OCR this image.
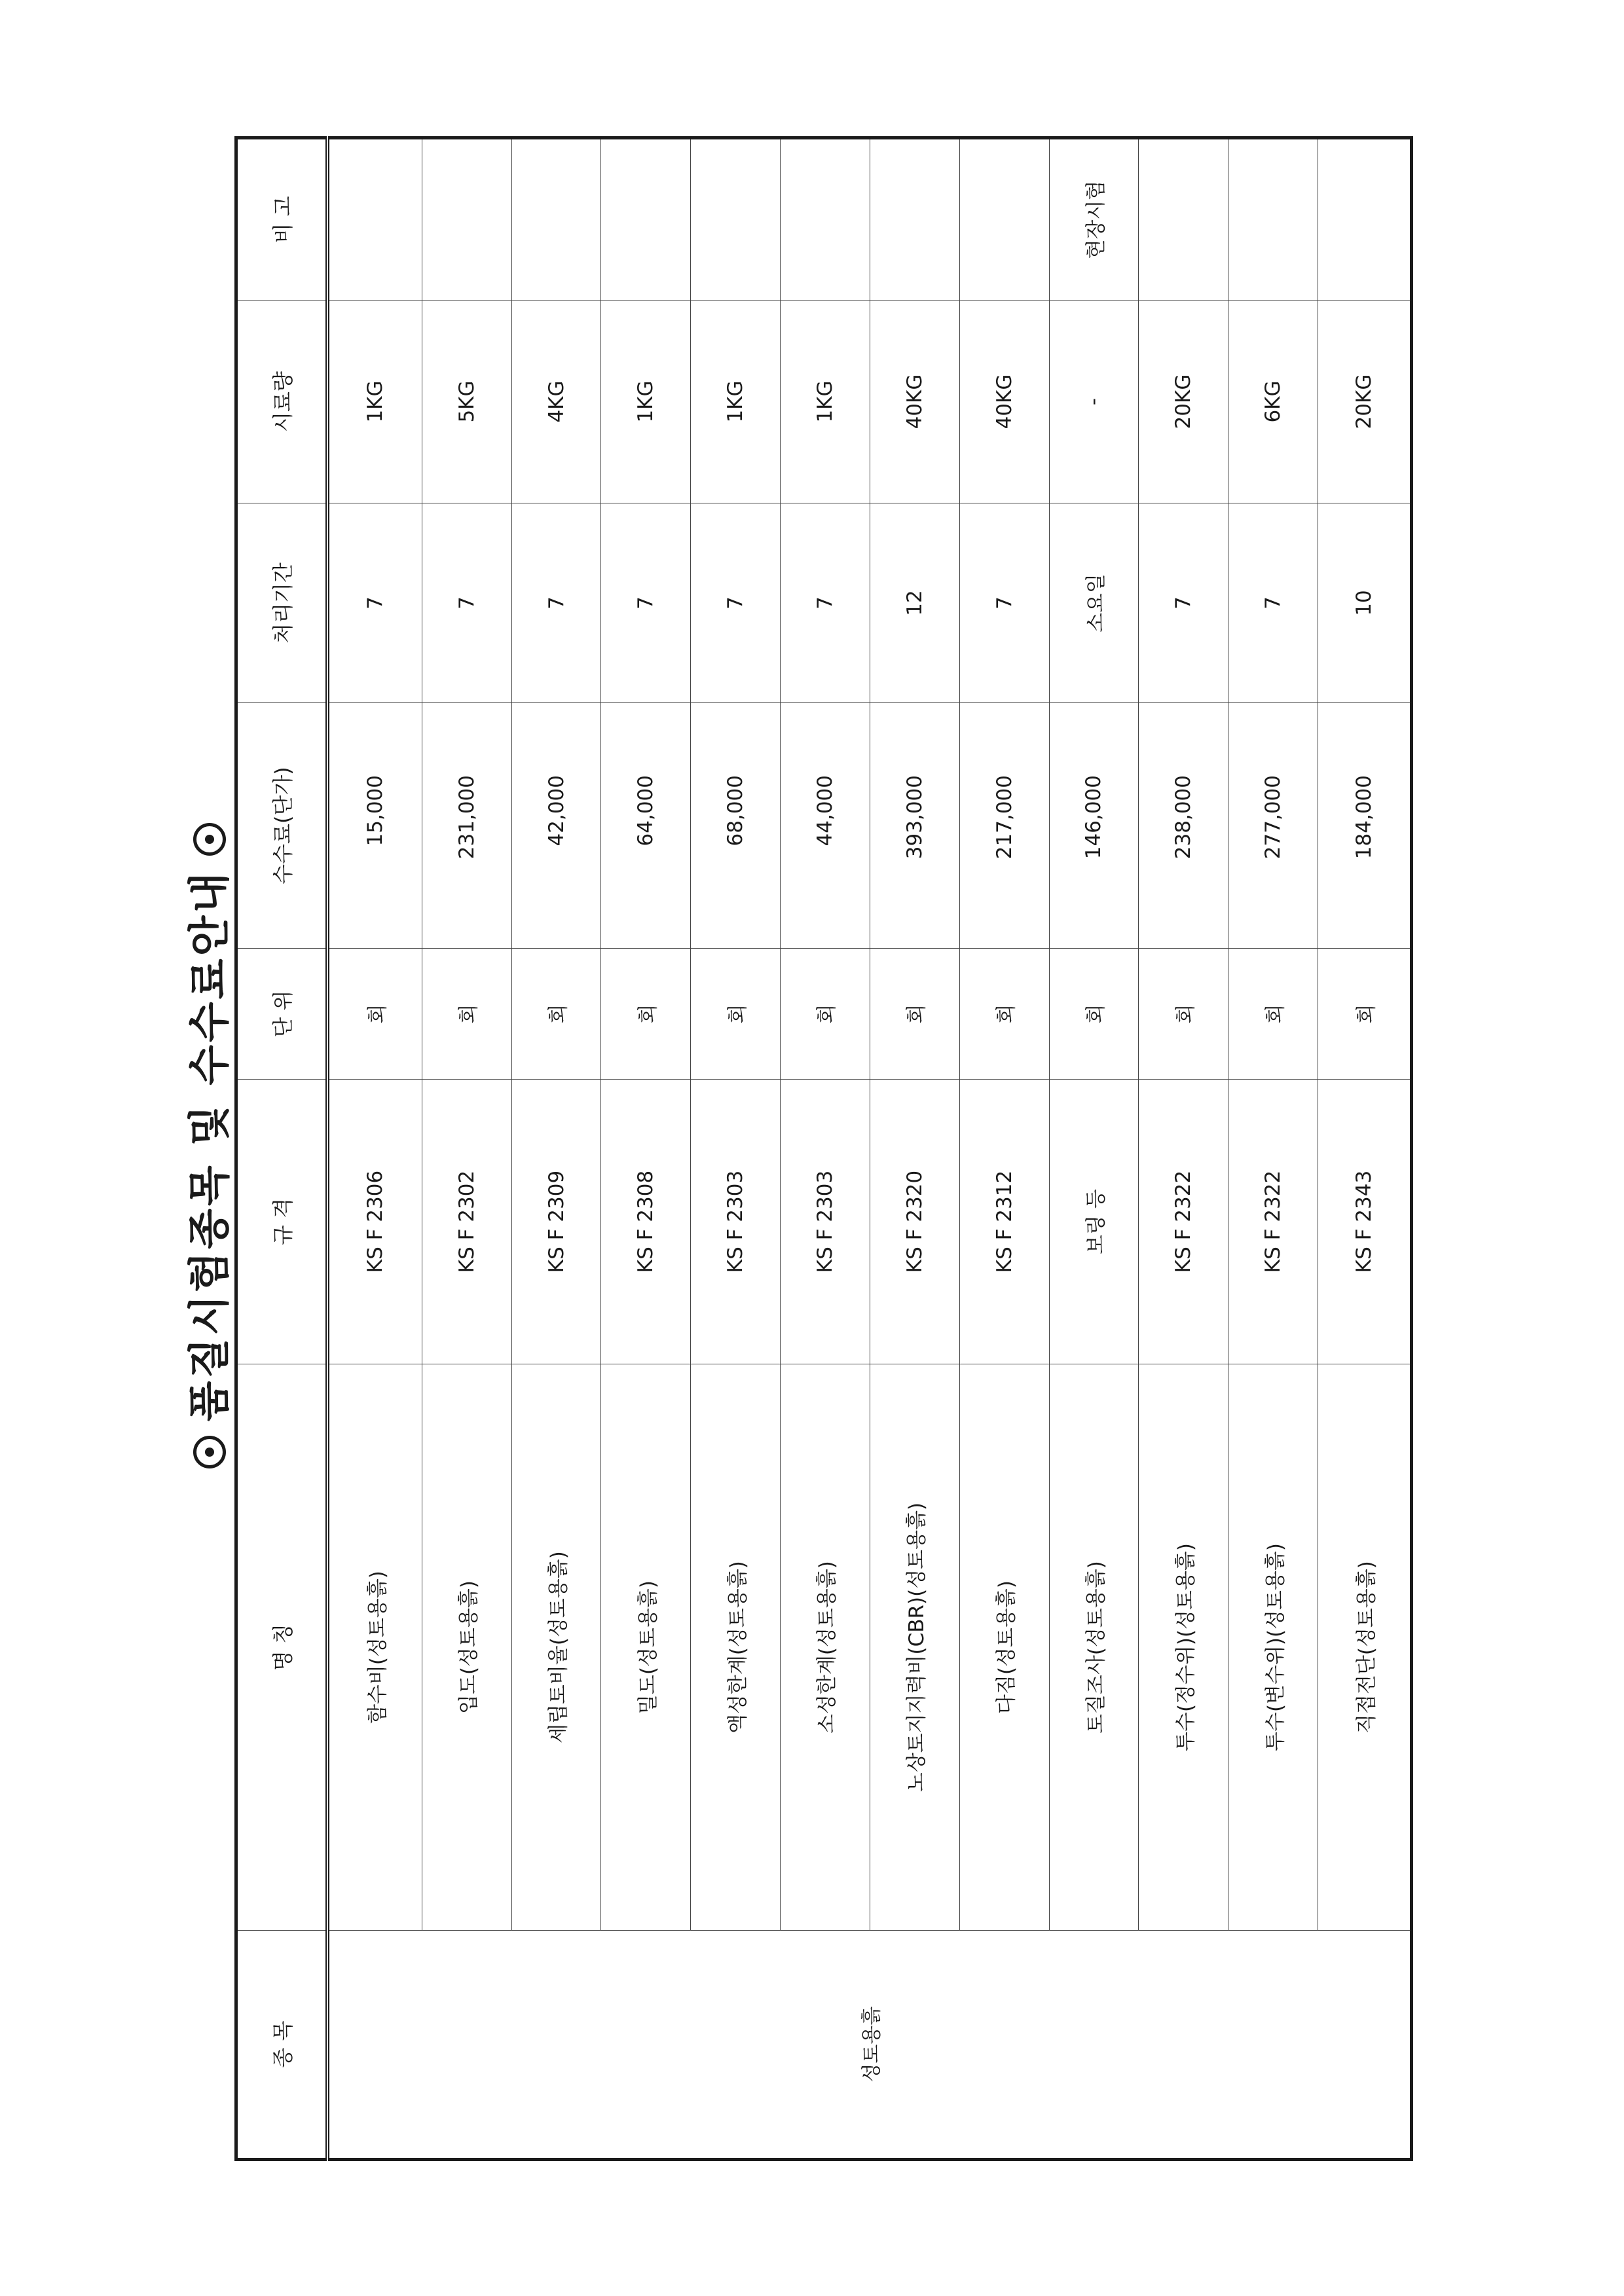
품질시험종목 및 수수료안내
종 목	명 칭	규 격	단 위	수수료(단가)	처리기간	시료량	비 고
성토용흙	함수비(성토용흙)	KS F 2306	회	15,000	7	1KG	
	입도(성토용흙)	KS F 2302	회	231,000	7	5KG	
	세립토비율(성토용흙)	KS F 2309	회	42,000	7	4KG	
	밀도(성토용흙)	KS F 2308	회	64,000	7	1KG	
	액성한계(성토용흙)	KS F 2303	회	68,000	7	1KG	
	소성한계(성토용흙)	KS F 2303	회	44,000	7	1KG	
	노상토지지력비(CBR)(성토용흙)	KS F 2320	회	393,000	12	40KG	
	다짐(성토용흙)	KS F 2312	회	217,000	7	40KG	
	토질조사(성토용흙)	보링 등	회	146,000	소요일	-	현장시험
	투수(정수위)(성토용흙)	KS F 2322	회	238,000	7	20KG	
	투수(변수위)(성토용흙)	KS F 2322	회	277,000	7	6KG	
	직접전단(성토용흙)	KS F 2343	회	184,000	10	20KG	
